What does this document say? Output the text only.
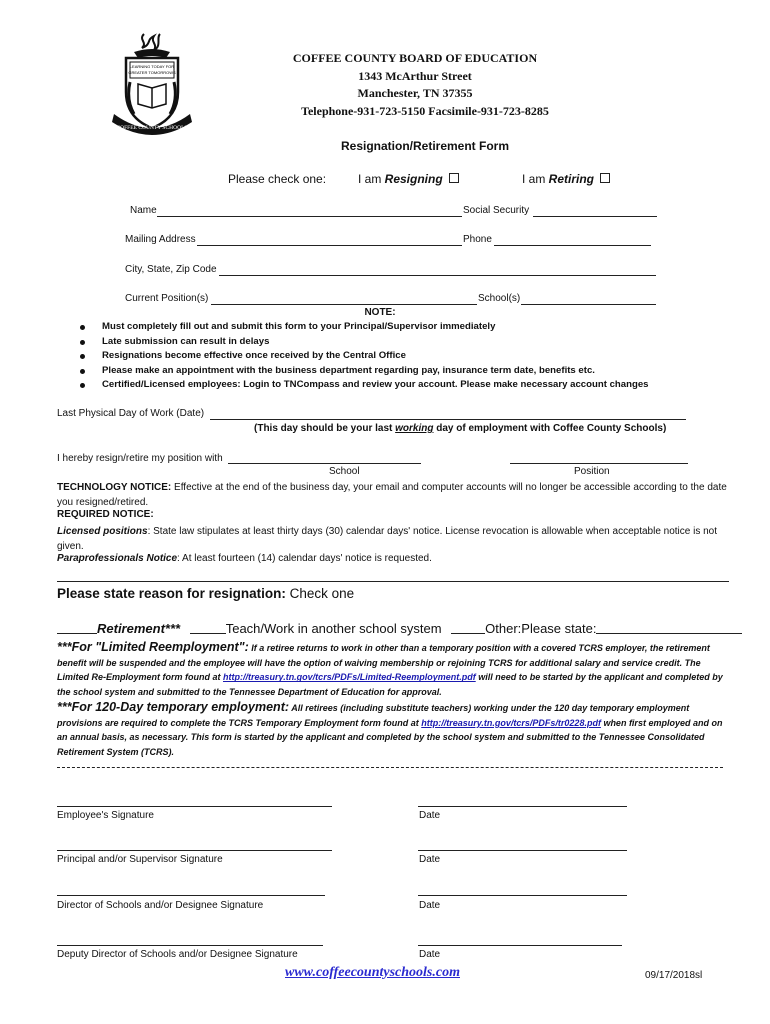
LEARNING TODAY FOR
GREATER TOMORROWS
COFFEE COUNTY SCHOOLS
COFFEE COUNTY BOARD OF EDUCATION
1343 McArthur Street
Manchester, TN 37355
Telephone-931-723-5150 Facsimile-931-723-8285
Resignation/Retirement Form
Please check one:	I am Resigning	I am Retiring
Name	Social Security
Mailing Address	Phone
City, State, Zip Code
Current Position(s)	School(s)
NOTE:
Must completely fill out and submit this form to your Principal/Supervisor immediately
Late submission can result in delays
Resignations become effective once received by the Central Office
Please make an appointment with the business department regarding pay, insurance term date, benefits etc.
Certified/Licensed employees: Login to TNCompass and review your account. Please make necessary account changes
Last Physical Day of Work (Date)
(This day should be your last working day of employment with Coffee County Schools)
I hereby resign/retire my position with
School	Position
TECHNOLOGY NOTICE: Effective at the end of the business day, your email and computer accounts will no longer be accessible according to the date you resigned/retired.
REQUIRED NOTICE:
Licensed positions: State law stipulates at least thirty days (30) calendar days' notice. License revocation is allowable when acceptable notice is not given.
Paraprofessionals Notice: At least fourteen (14) calendar days' notice is requested.
Please state reason for resignation: Check one
Retirement***	Teach/Work in another school system	Other:Please state:
***For "Limited Reemployment": If a retiree returns to work in other than a temporary position with a covered TCRS employer, the retirement benefit will be suspended and the employee will have the option of waiving membership or rejoining TCRS for additional salary and service credit. The Limited Re-Employment form found at http://treasury.tn.gov/tcrs/PDFs/Limited-Reemployment.pdf will need to be started by the applicant and completed by the school system and submitted to the Tennessee Department of Education for approval.
***For 120-Day temporary employment: All retirees (including substitute teachers) working under the 120 day temporary employment provisions are required to complete the TCRS Temporary Employment form found at http://treasury.tn.gov/tcrs/PDFs/tr0228.pdf when first employed and on an annual basis, as necessary. This form is started by the applicant and completed by the school system and submitted to the Tennessee Consolidated Retirement System (TCRS).
Employee's Signature	Date
Principal and/or Supervisor Signature	Date
Director of Schools and/or Designee Signature	Date
Deputy Director of Schools and/or Designee Signature	Date
www.coffeecountyschools.com	09/17/2018sl
